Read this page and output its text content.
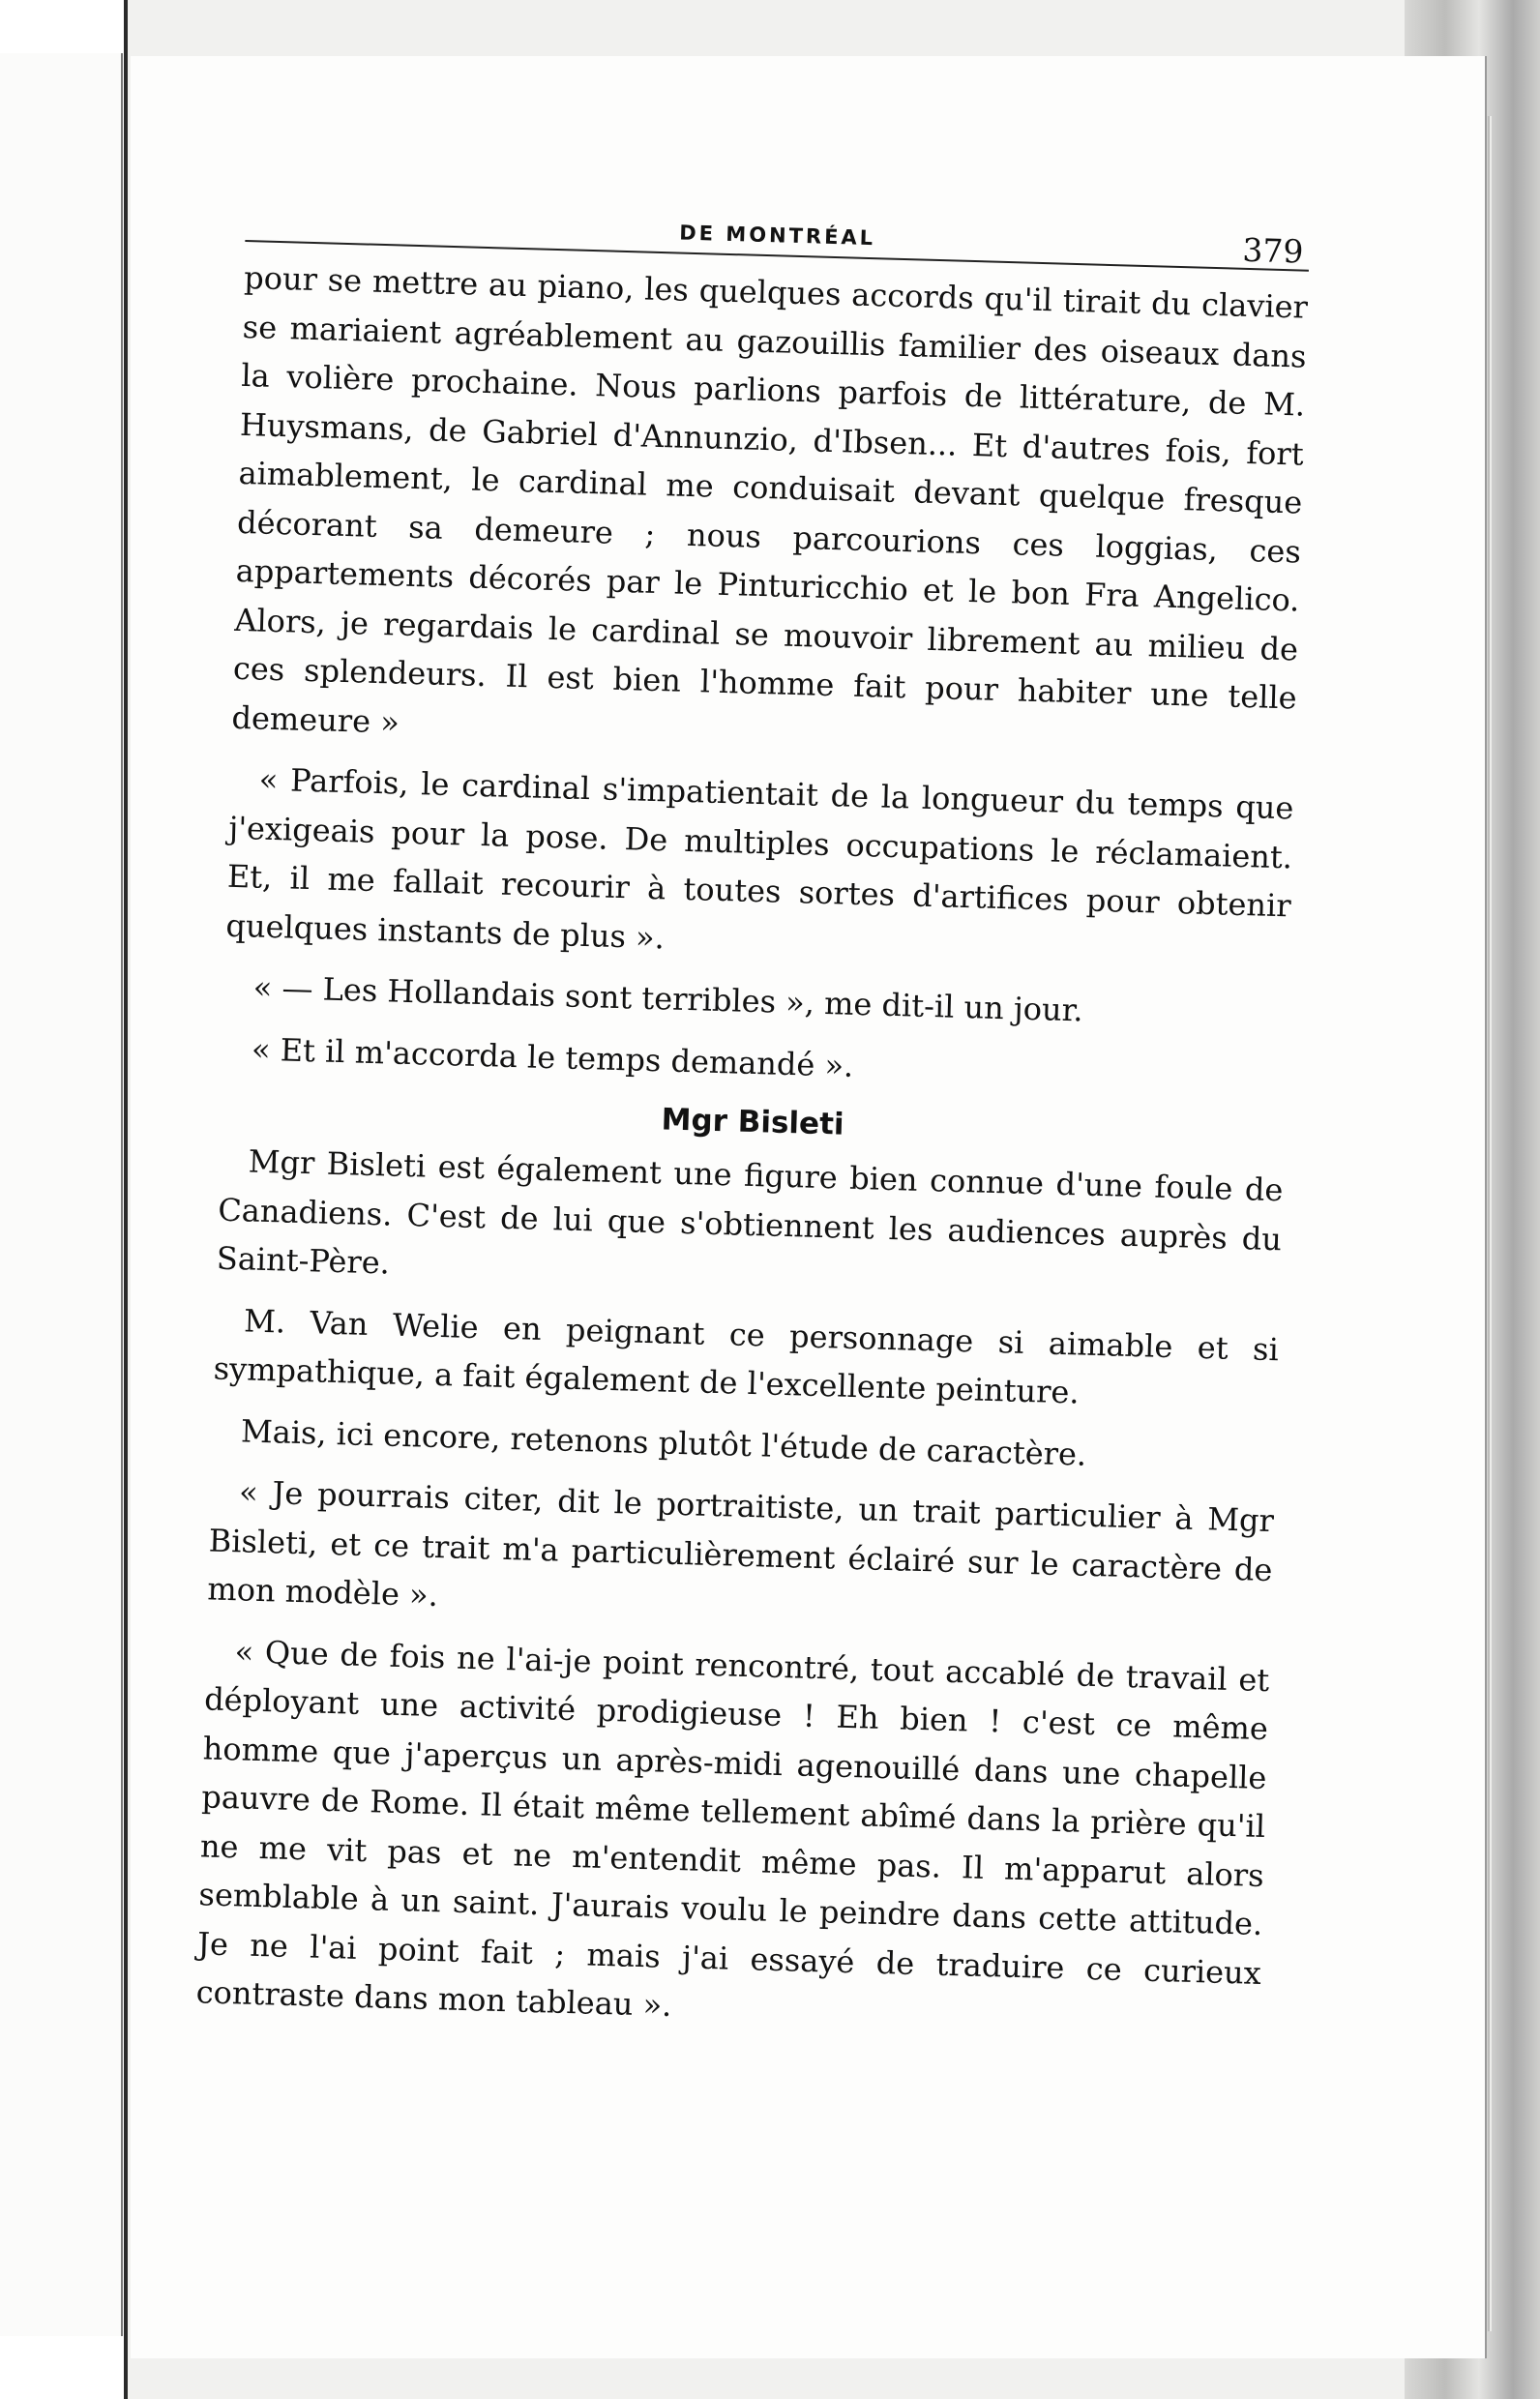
DE MONTRÉAL	379

pour se mettre au piano, les quelques accords qu'il tirait du clavier se mariaient agréablement au gazouillis familier des oiseaux dans la volière prochaine. Nous parlions parfois de littérature, de M. Huysmans, de Gabriel d'Annunzio, d'Ibsen... Et d'autres fois, fort aimablement, le cardinal me conduisait devant quelque fresque décorant sa demeure ; nous parcourions ces loggias, ces appartements décorés par le Pinturicchio et le bon Fra Angelico. Alors, je regardais le cardinal se mouvoir librement au milieu de ces splendeurs. Il est bien l'homme fait pour habiter une telle demeure »

« Parfois, le cardinal s'impatientait de la longueur du temps que j'exigeais pour la pose. De multiples occupations le réclamaient. Et, il me fallait recourir à toutes sortes d'artifices pour obtenir quelques instants de plus ».

« — Les Hollandais sont terribles », me dit-il un jour.

« Et il m'accorda le temps demandé ».

Mgr Bisleti

Mgr Bisleti est également une figure bien connue d'une foule de Canadiens. C'est de lui que s'obtiennent les audiences auprès du Saint-Père.

M. Van Welie en peignant ce personnage si aimable et si sympathique, a fait également de l'excellente peinture.

Mais, ici encore, retenons plutôt l'étude de caractère.

« Je pourrais citer, dit le portraitiste, un trait particulier à Mgr Bisleti, et ce trait m'a particulièrement éclairé sur le caractère de mon modèle ».

« Que de fois ne l'ai-je point rencontré, tout accablé de travail et déployant une activité prodigieuse ! Eh bien ! c'est ce même homme que j'aperçus un après-midi agenouillé dans une chapelle pauvre de Rome. Il était même tellement abîmé dans la prière qu'il ne me vit pas et ne m'entendit même pas. Il m'apparut alors semblable à un saint. J'aurais voulu le peindre dans cette attitude. Je ne l'ai point fait ; mais j'ai essayé de traduire ce curieux contraste dans mon tableau ».
